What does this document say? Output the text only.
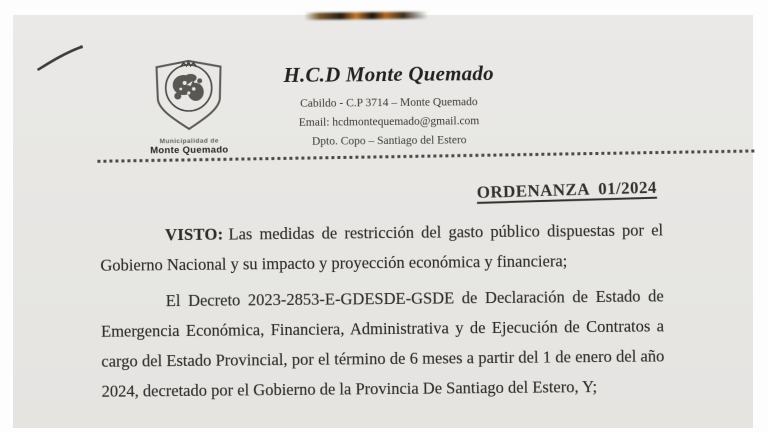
Municipalidad de
Monte Quemado
H.C.D Monte Quemado
Cabildo - C.P 3714 – Monte Quemado
Email: hcdmontequemado@gmail.com
Dpto. Copo – Santiago del Estero
ORDENANZA  01/2024

VISTO: Las medidas de restricción del gasto público dispuestas por el Gobierno Nacional y su impacto y proyección económica y financiera;

El Decreto 2023-2853-E-GDESDE-GSDE de Declaración de Estado de Emergencia Económica, Financiera, Administrativa y de Ejecución de Contratos a cargo del Estado Provincial, por el término de 6 meses a partir del 1 de enero del año 2024, decretado por el Gobierno de la Provincia De Santiago del Estero, Y;
